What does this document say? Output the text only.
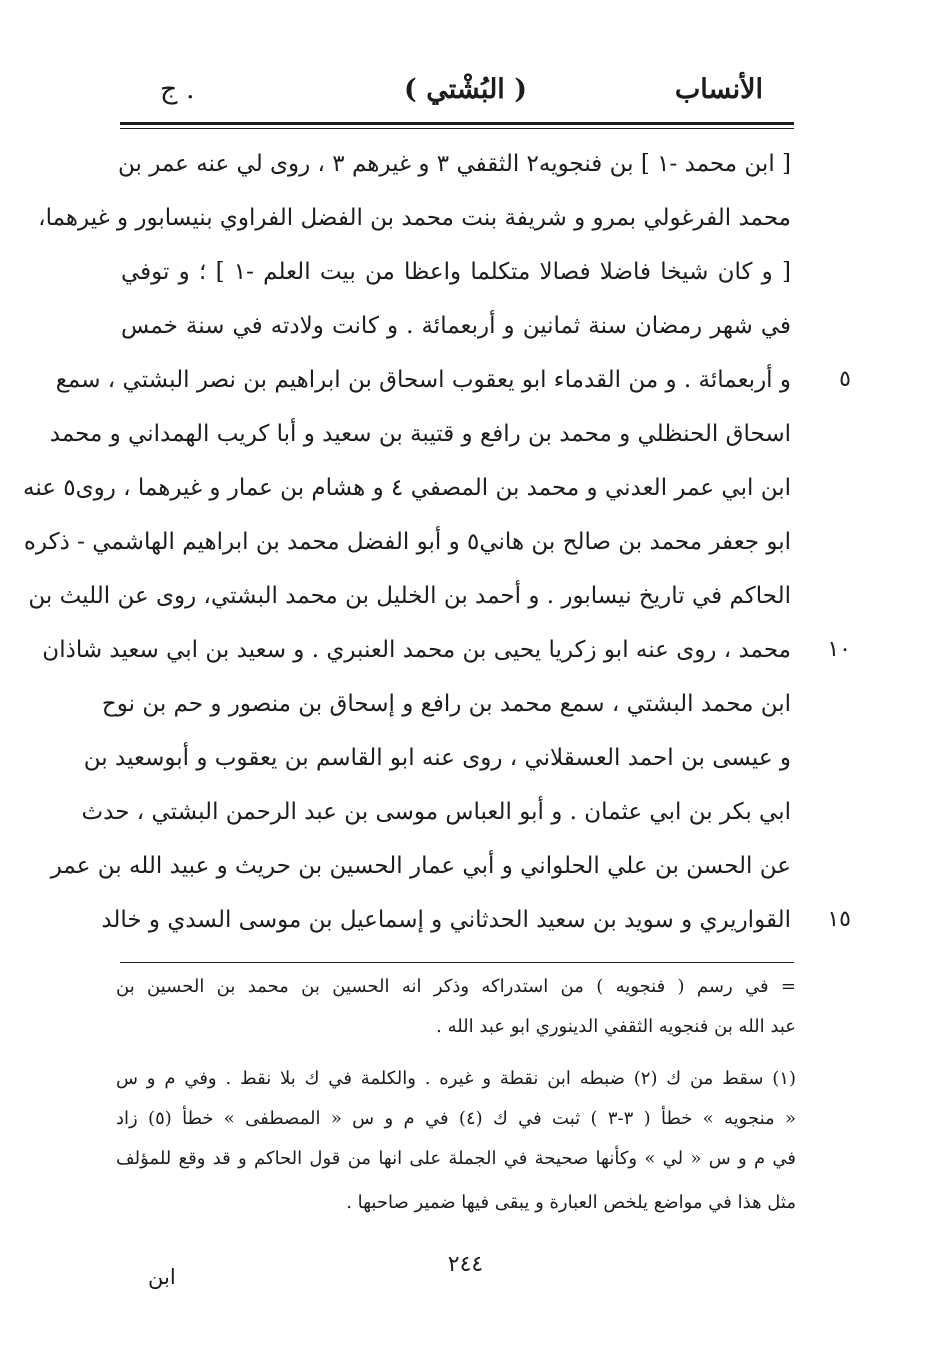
الأنساب
( البُشْتي )
ج .
[ ابن محمد -١ ] بن فنجويه٢ الثقفي ٣ و غيرهم ٣ ، روى لي عنه عمر بن
محمد الفرغولي بمرو و شريفة بنت محمد بن الفضل الفراوي بنيسابور و غيرهما،
[ و كان شيخا فاضلا فصالا متكلما واعظا من بيت العلم -١ ] ؛ و توفي
في شهر رمضان سنة ثمانين و أربعمائة . و كانت ولادته في سنة خمس
و أربعمائة . و من القدماء ابو يعقوب اسحاق بن ابراهيم بن نصر البشتي ، سمع
اسحاق الحنظلي و محمد بن رافع و قتيبة بن سعيد و أبا كريب الهمداني و محمد
ابن ابي عمر العدني و محمد بن المصفي ٤ و هشام بن عمار و غيرهما ، روى٥ عنه
ابو جعفر محمد بن صالح بن هاني٥ و أبو الفضل محمد بن ابراهيم الهاشمي - ذكره
الحاكم في تاريخ نيسابور . و أحمد بن الخليل بن محمد البشتي، روى عن الليث بن
محمد ، روى عنه ابو زكريا يحيى بن محمد العنبري . و سعيد بن ابي سعيد شاذان
ابن محمد البشتي ، سمع محمد بن رافع و إسحاق بن منصور و حم بن نوح
و عيسى بن احمد العسقلاني ، روى عنه ابو القاسم بن يعقوب و أبوسعيد بن
ابي بكر بن ابي عثمان . و أبو العباس موسى بن عبد الرحمن البشتي ، حدث
عن الحسن بن علي الحلواني و أبي عمار الحسين بن حريث و عبيد الله بن عمر
القواريري و سويد بن سعيد الحدثاني و إسماعيل بن موسى السدي و خالد
٥
١٠
١٥
= في رسم ( فنجويه ) من استدراكه وذكر انه الحسين بن محمد بن الحسين بن
عبد الله بن فنجويه الثقفي الدينوري ابو عبد الله .
(١) سقط من ك (٢) ضبطه ابن نقطة و غيره . والكلمة في ك بلا نقط . وفي م و س
« منجويه » خطأ ( ٣-٣ ) ثبت في ك (٤) في م و س « المصطفى » خطأ (٥) زاد
في م و س « لي » وكأنها صحيحة في الجملة على انها من قول الحاكم و قد وقع للمؤلف
مثل هذا في مواضع يلخص العبارة و يبقى فيها ضمير صاحبها .
٢٤٤
ابن
